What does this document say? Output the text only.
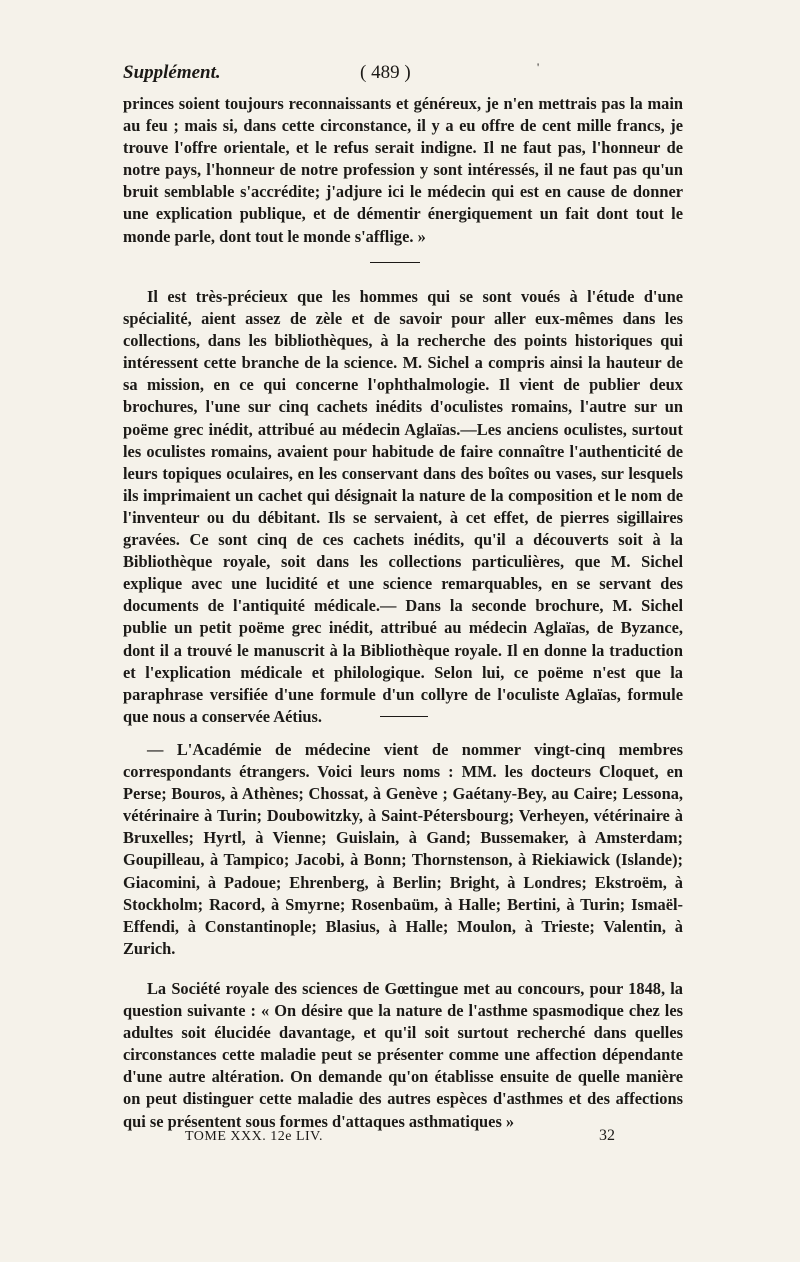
Supplément.	( 489 )	'

princes soient toujours reconnaissants et généreux, je n'en mettrais pas la main au feu ; mais si, dans cette circonstance, il y a eu offre de cent mille francs, je trouve l'offre orientale, et le refus serait indigne. Il ne faut pas, l'honneur de notre pays, l'honneur de notre profession y sont intéressés, il ne faut pas qu'un bruit semblable s'accrédite; j'adjure ici le médecin qui est en cause de donner une explication publique, et de démentir énergiquement un fait dont tout le monde parle, dont tout le monde s'afflige. »

Il est très-précieux que les hommes qui se sont voués à l'étude d'une spécialité, aient assez de zèle et de savoir pour aller eux-mêmes dans les collections, dans les bibliothèques, à la recherche des points historiques qui intéressent cette branche de la science. M. Sichel a compris ainsi la hauteur de sa mission, en ce qui concerne l'ophthalmologie. Il vient de publier deux brochures, l'une sur cinq cachets inédits d'oculistes romains, l'autre sur un poëme grec inédit, attribué au médecin Aglaïas.—Les anciens oculistes, surtout les oculistes romains, avaient pour habitude de faire connaître l'authenticité de leurs topiques oculaires, en les conservant dans des boîtes ou vases, sur lesquels ils imprimaient un cachet qui désignait la nature de la composition et le nom de l'inventeur ou du débitant. Ils se servaient, à cet effet, de pierres sigillaires gravées. Ce sont cinq de ces cachets inédits, qu'il a découverts soit à la Bibliothèque royale, soit dans les collections particulières, que M. Sichel explique avec une lucidité et une science remarquables, en se servant des documents de l'antiquité médicale.— Dans la seconde brochure, M. Sichel publie un petit poëme grec inédit, attribué au médecin Aglaïas, de Byzance, dont il a trouvé le manuscrit à la Bibliothèque royale. Il en donne la traduction et l'explication médicale et philologique. Selon lui, ce poëme n'est que la paraphrase versifiée d'une formule d'un collyre de l'oculiste Aglaïas, formule que nous a conservée Aétius.

— L'Académie de médecine vient de nommer vingt-cinq membres correspondants étrangers. Voici leurs noms : MM. les docteurs Cloquet, en Perse; Bouros, à Athènes; Chossat, à Genève ; Gaétany-Bey, au Caire; Lessona, vétérinaire à Turin; Doubowitzky, à Saint-Pétersbourg; Verheyen, vétérinaire à Bruxelles; Hyrtl, à Vienne; Guislain, à Gand; Bussemaker, à Amsterdam; Goupilleau, à Tampico; Jacobi, à Bonn; Thornstenson, à Riekiawick (Islande); Giacomini, à Padoue; Ehrenberg, à Berlin; Bright, à Londres; Ekstroëm, à Stockholm; Racord, à Smyrne; Rosenbaüm, à Halle; Bertini, à Turin; Ismaël-Effendi, à Constantinople; Blasius, à Halle; Moulon, à Trieste; Valentin, à Zurich.

La Société royale des sciences de Gœttingue met au concours, pour 1848, la question suivante : « On désire que la nature de l'asthme spasmodique chez les adultes soit élucidée davantage, et qu'il soit surtout recherché dans quelles circonstances cette maladie peut se présenter comme une affection dépendante d'une autre altération. On demande qu'on établisse ensuite de quelle manière on peut distinguer cette maladie des autres espèces d'asthmes et des affections qui se présentent sous formes d'attaques asthmatiques »

TOME XXX. 12e LIV.	32
